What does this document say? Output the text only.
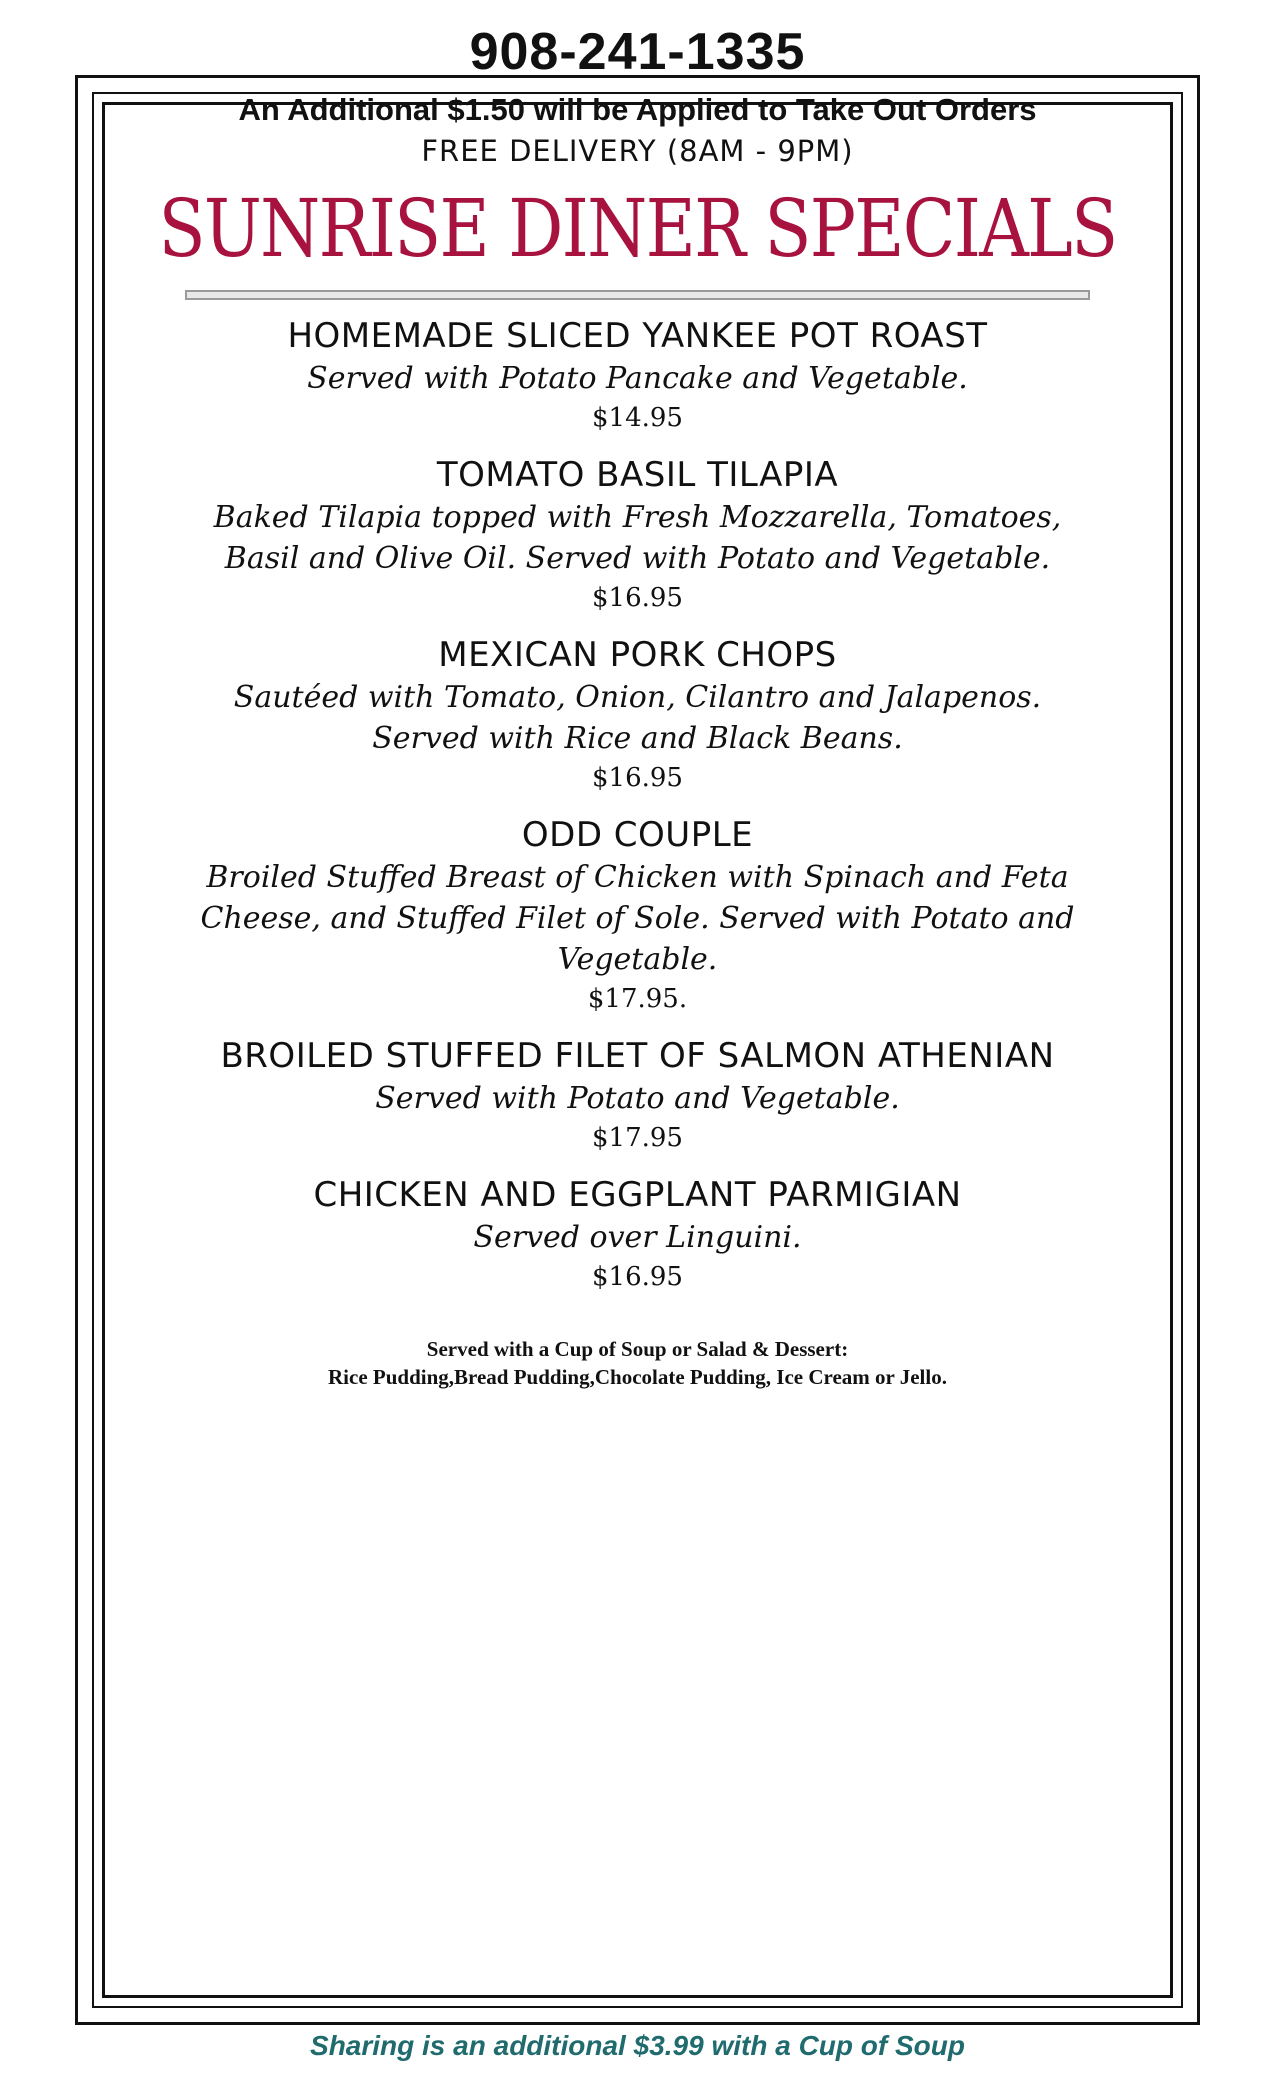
908-241-1335
An Additional $1.50 will be Applied to Take Out Orders
FREE DELIVERY (8AM - 9PM)
SUNRISE DINER SPECIALS
HOMEMADE SLICED YANKEE POT ROAST
Served with Potato Pancake and Vegetable.
$14.95
TOMATO BASIL TILAPIA
Baked Tilapia topped with Fresh Mozzarella, Tomatoes, Basil and Olive Oil. Served with Potato and Vegetable.
$16.95
MEXICAN PORK CHOPS
Sautéed with Tomato, Onion, Cilantro and Jalapenos. Served with Rice and Black Beans.
$16.95
ODD COUPLE
Broiled Stuffed Breast of Chicken with Spinach and Feta Cheese, and Stuffed Filet of Sole. Served with Potato and Vegetable.
$17.95.
BROILED STUFFED FILET OF SALMON ATHENIAN
Served with Potato and Vegetable.
$17.95
CHICKEN AND EGGPLANT PARMIGIAN
Served over Linguini.
$16.95
Served with a Cup of Soup or Salad & Dessert:
Rice Pudding,Bread Pudding,Chocolate Pudding, Ice Cream or Jello.
Sharing is an additional $3.99 with a Cup of Soup
